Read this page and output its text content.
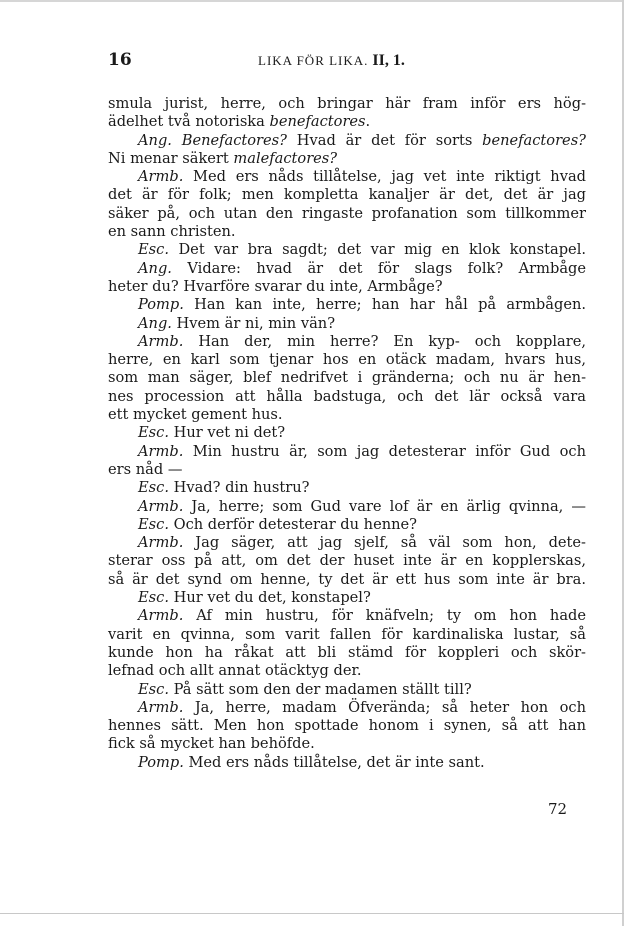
16	LIKA FÖR LIKA. II, 1.
smula jurist, herre, och bringar här fram inför ers hög-
ädelhet två notoriska benefactores.
Ang. Benefactores? Hvad är det för sorts benefactores?
Ni menar säkert malefactores?
Armb. Med ers nåds tillåtelse, jag vet inte riktigt hvad
det är för folk; men kompletta kanaljer är det, det är jag
säker på, och utan den ringaste profanation som tillkommer
en sann christen.
Esc. Det var bra sagdt; det var mig en klok konstapel.
Ang. Vidare: hvad är det för slags folk? Armbåge
heter du? Hvarföre svarar du inte, Armbåge?
Pomp. Han kan inte, herre; han har hål på armbågen.
Ang. Hvem är ni, min vän?
Armb. Han der, min herre? En kyp- och kopplare,
herre, en karl som tjenar hos en otäck madam, hvars hus,
som man säger, blef nedrifvet i gränderna; och nu är hen-
nes procession att hålla badstuga, och det lär också vara
ett mycket gement hus.
Esc. Hur vet ni det?
Armb. Min hustru är, som jag detesterar inför Gud och
ers nåd —
Esc. Hvad? din hustru?
Armb. Ja, herre; som Gud vare lof är en ärlig qvinna, —
Esc. Och derför detesterar du henne?
Armb. Jag säger, att jag sjelf, så väl som hon, dete-
sterar oss på att, om det der huset inte är en kopplerskas,
så är det synd om henne, ty det är ett hus som inte är bra.
Esc. Hur vet du det, konstapel?
Armb. Af min hustru, för knäfveln; ty om hon hade
varit en qvinna, som varit fallen för kardinaliska lustar, så
kunde hon ha råkat att bli stämd för koppleri och skör-
lefnad och allt annat otäcktyg der.
Esc. På sätt som den der madamen ställt till?
Armb. Ja, herre, madam Öfverända; så heter hon och
hennes sätt. Men hon spottade honom i synen, så att han
fick så mycket han behöfde.
Pomp. Med ers nåds tillåtelse, det är inte sant.
72
